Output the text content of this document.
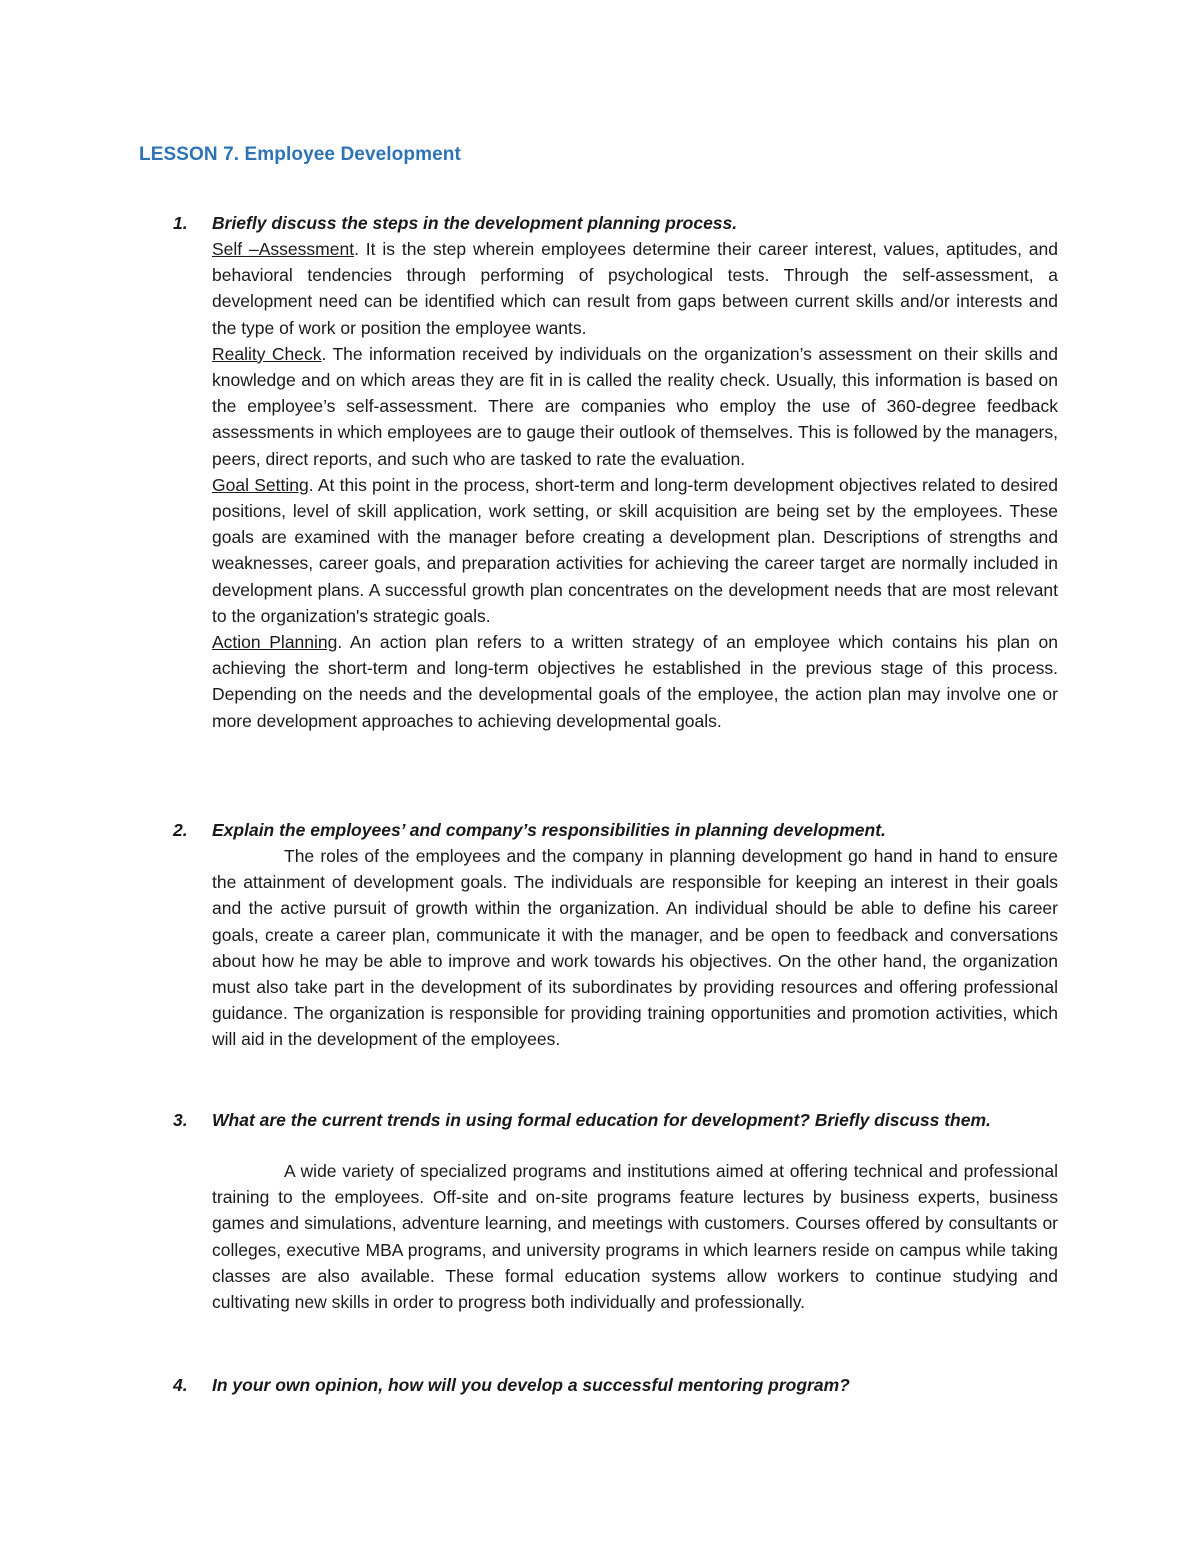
LESSON 7. Employee Development
1. Briefly discuss the steps in the development planning process.

Self –Assessment. It is the step wherein employees determine their career interest, values, aptitudes, and behavioral tendencies through performing of psychological tests. Through the self-assessment, a development need can be identified which can result from gaps between current skills and/or interests and the type of work or position the employee wants.

Reality Check. The information received by individuals on the organization’s assessment on their skills and knowledge and on which areas they are fit in is called the reality check. Usually, this information is based on the employee’s self-assessment. There are companies who employ the use of 360-degree feedback assessments in which employees are to gauge their outlook of themselves. This is followed by the managers, peers, direct reports, and such who are tasked to rate the evaluation.

Goal Setting. At this point in the process, short-term and long-term development objectives related to desired positions, level of skill application, work setting, or skill acquisition are being set by the employees. These goals are examined with the manager before creating a development plan. Descriptions of strengths and weaknesses, career goals, and preparation activities for achieving the career target are normally included in development plans. A successful growth plan concentrates on the development needs that are most relevant to the organization's strategic goals.

Action Planning. An action plan refers to a written strategy of an employee which contains his plan on achieving the short-term and long-term objectives he established in the previous stage of this process. Depending on the needs and the developmental goals of the employee, the action plan may involve one or more development approaches to achieving developmental goals.

2. Explain the employees’ and company’s responsibilities in planning development.

The roles of the employees and the company in planning development go hand in hand to ensure the attainment of development goals. The individuals are responsible for keeping an interest in their goals and the active pursuit of growth within the organization. An individual should be able to define his career goals, create a career plan, communicate it with the manager, and be open to feedback and conversations about how he may be able to improve and work towards his objectives. On the other hand, the organization must also take part in the development of its subordinates by providing resources and offering professional guidance. The organization is responsible for providing training opportunities and promotion activities, which will aid in the development of the employees.

3. What are the current trends in using formal education for development? Briefly discuss them.

A wide variety of specialized programs and institutions aimed at offering technical and professional training to the employees. Off-site and on-site programs feature lectures by business experts, business games and simulations, adventure learning, and meetings with customers. Courses offered by consultants or colleges, executive MBA programs, and university programs in which learners reside on campus while taking classes are also available. These formal education systems allow workers to continue studying and cultivating new skills in order to progress both individually and professionally.

4. In your own opinion, how will you develop a successful mentoring program?
